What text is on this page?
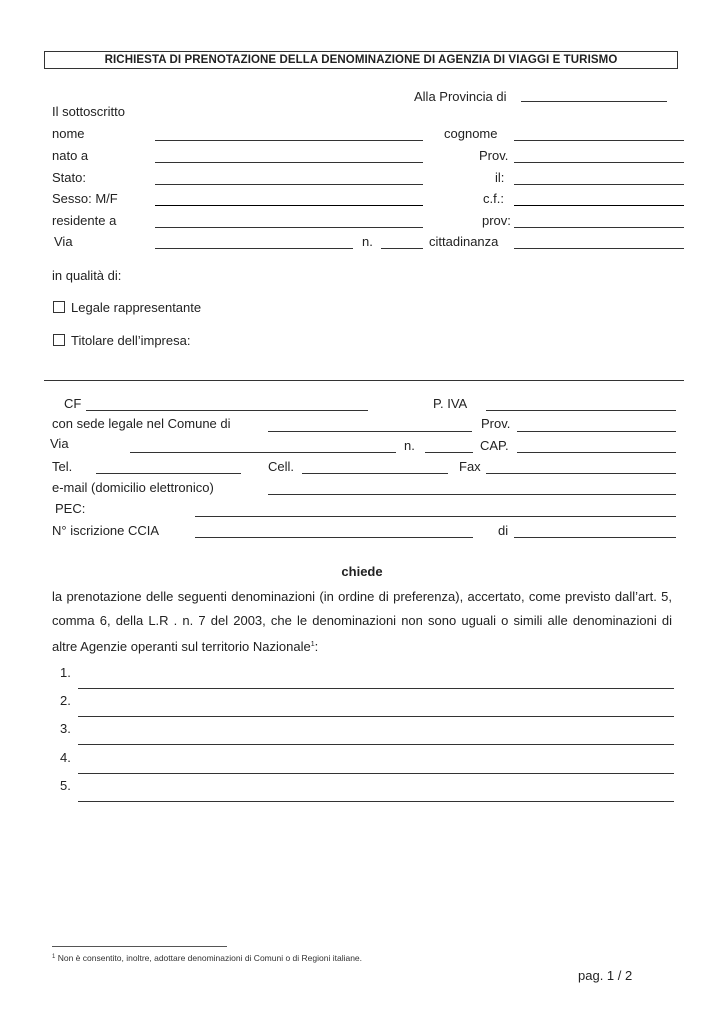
RICHIESTA DI PRENOTAZIONE DELLA DENOMINAZIONE DI AGENZIA DI VIAGGI E TURISMO
Alla Provincia di
Il sottoscritto
nome	cognome
nato a	Prov.
Stato:	il:
Sesso: M/F	c.f.:
residente a	prov:
Via	n.	cittadinanza
in qualità di:
Legale rappresentante
Titolare dell’impresa:
CF	P. IVA
con sede legale nel Comune di	Prov.
Via	n.	CAP.
Tel.	Cell.	Fax
e-mail (domicilio elettronico)
PEC:
N° iscrizione CCIA	di
chiede
la prenotazione delle seguenti denominazioni (in ordine di preferenza), accertato, come previsto dall’art. 5, comma 6, della L.R . n. 7 del 2003, che le denominazioni non sono uguali o simili alle denominazioni di altre Agenzie operanti sul territorio Nazionale$^1$:
1.
2.
3.
4.
5.
$^1$ Non è consentito, inoltre, adottare denominazioni di Comuni o di Regioni italiane.
pag. 1 / 2
